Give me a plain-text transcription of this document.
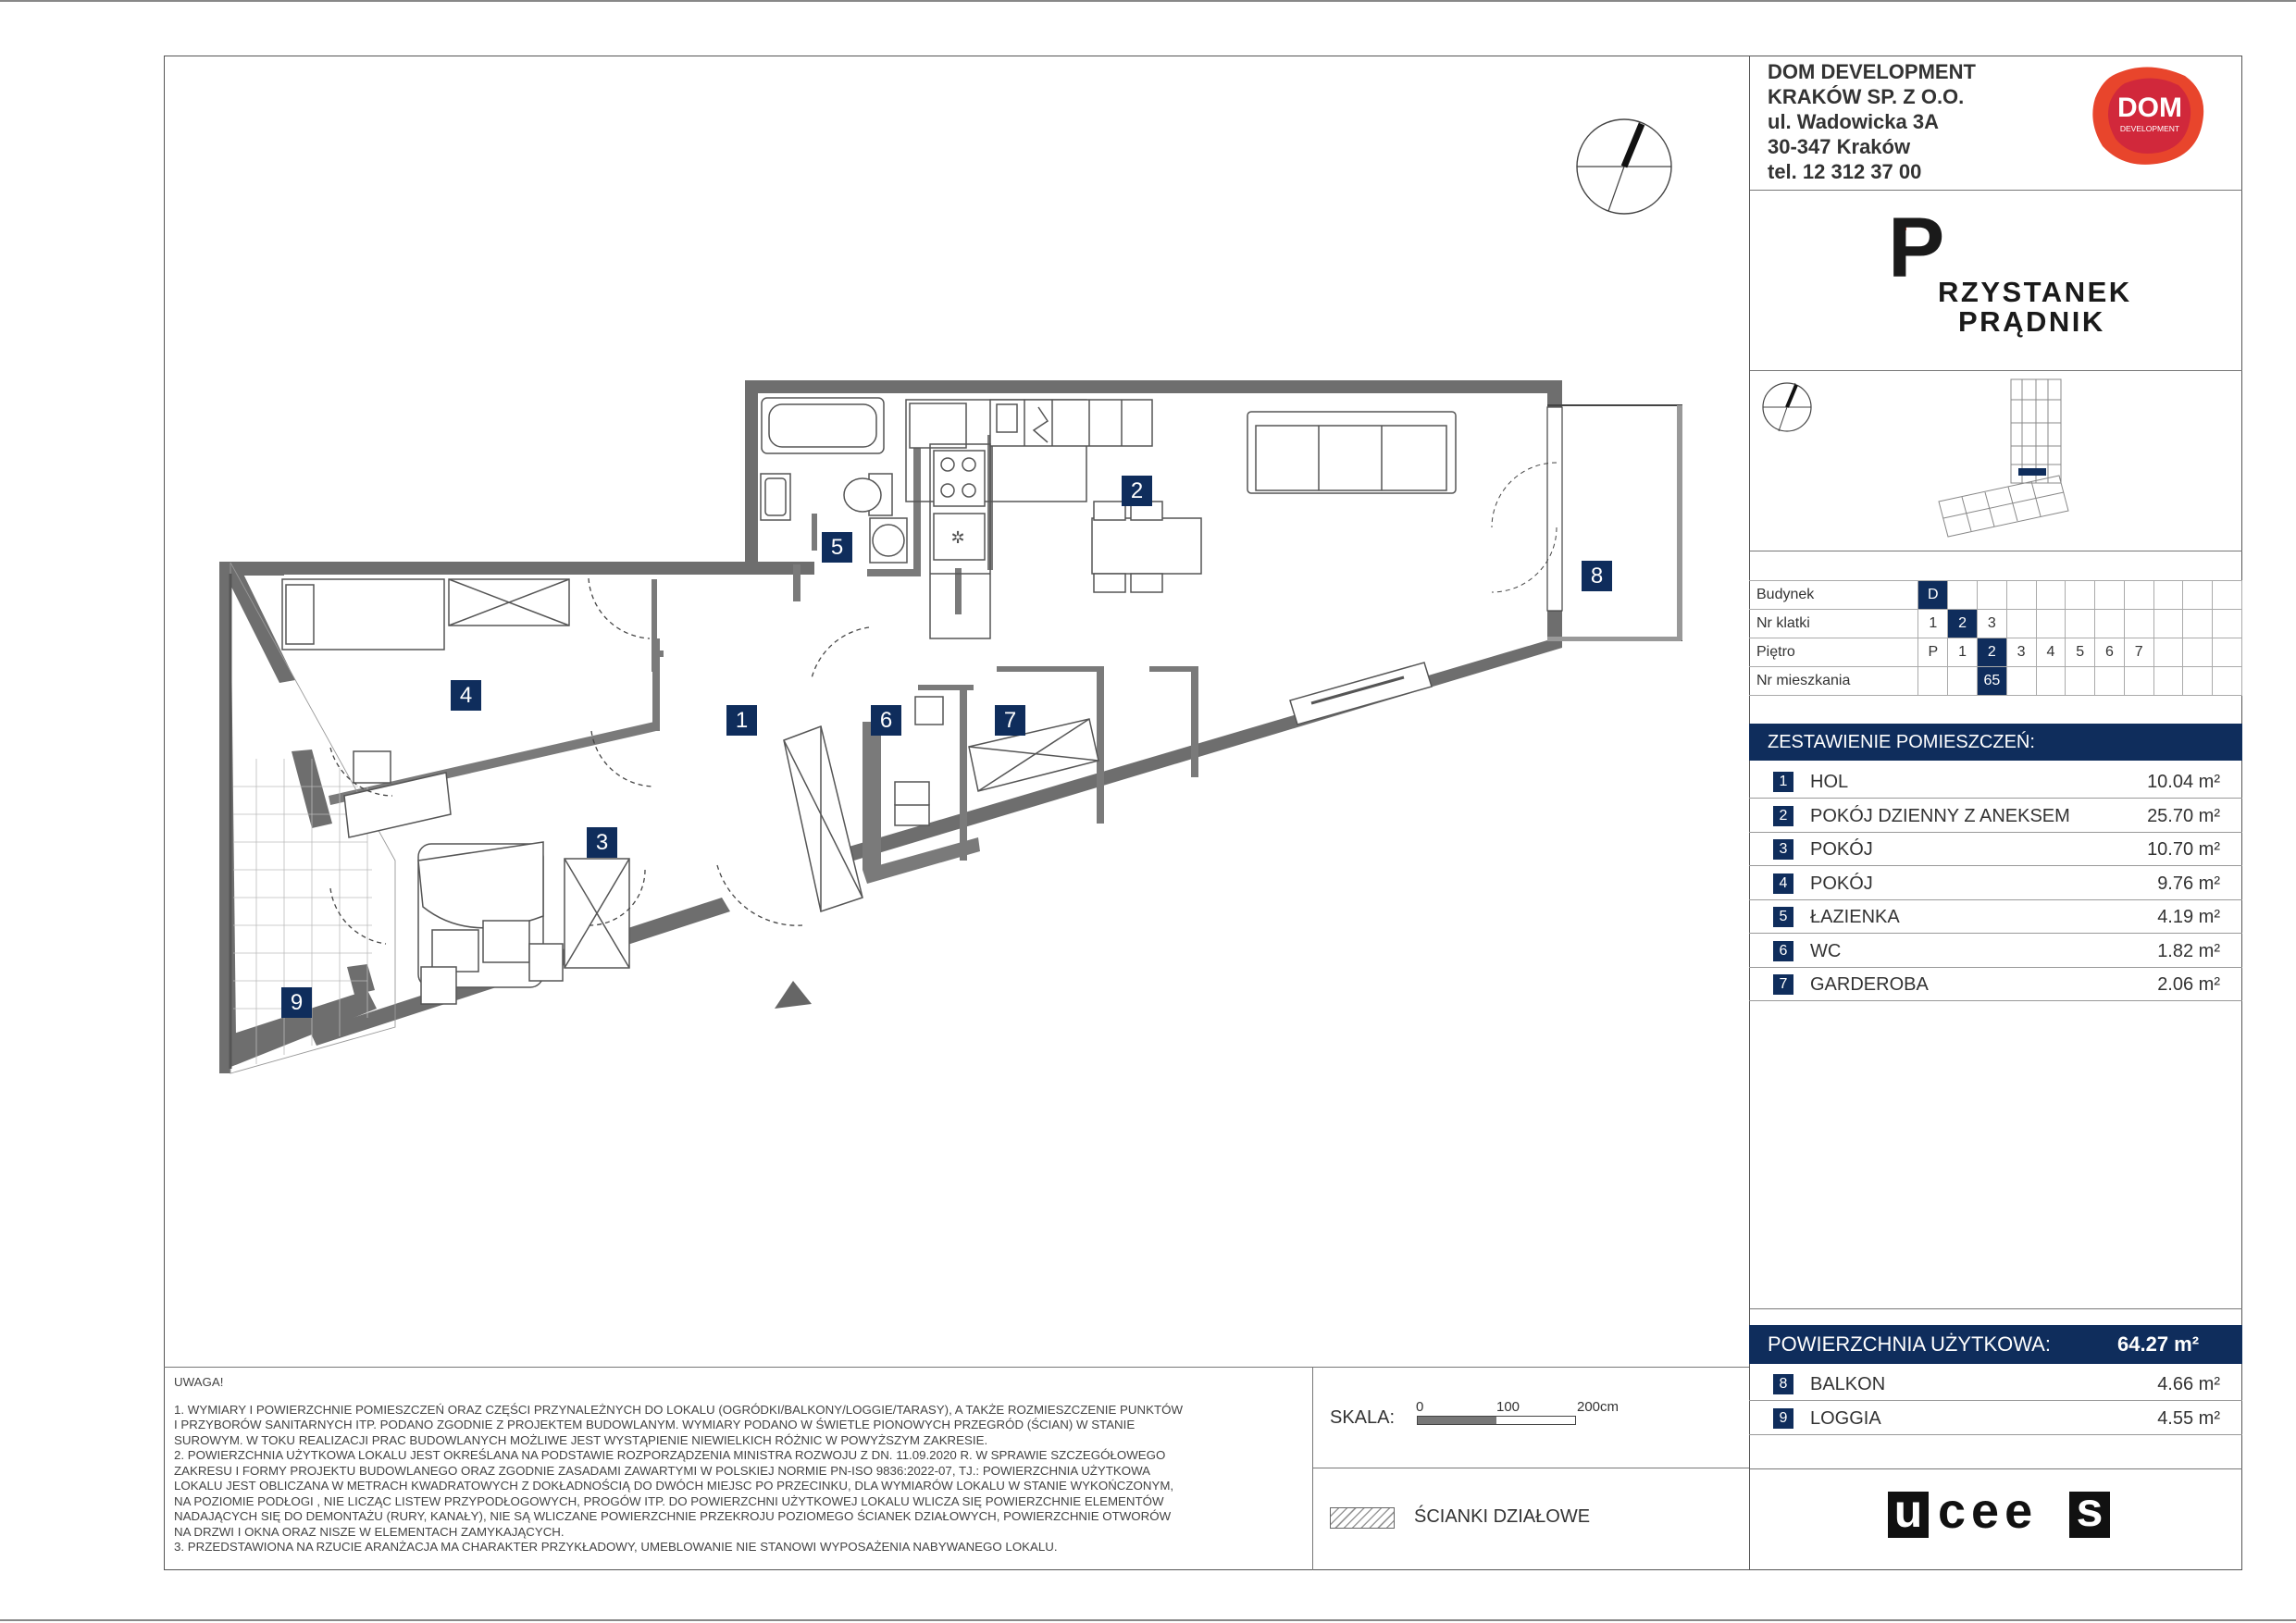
✲
1
2
3
4
5
6	7
8
9

UWAGA!

1. WYMIARY I POWIERZCHNIE POMIESZCZEŃ ORAZ CZĘŚCI PRZYNALEŻNYCH DO LOKALU (OGRÓDKI/BALKONY/LOGGIE/TARASY), A TAKŻE ROZMIESZCZENIE PUNKTÓW

I PRZYBORÓW SANITARNYCH ITP. PODANO ZGODNIE Z PROJEKTEM BUDOWLANYM. WYMIARY PODANO W ŚWIETLE PIONOWYCH PRZEGRÓD (ŚCIAN) W STANIE

SUROWYM. W TOKU REALIZACJI PRAC BUDOWLANYCH MOŻLIWE JEST WYSTĄPIENIE NIEWIELKICH RÓŻNIC W POWYŻSZYM ZAKRESIE.

2. POWIERZCHNIA UŻYTKOWA LOKALU JEST OKREŚLANA NA PODSTAWIE ROZPORZĄDZENIA MINISTRA ROZWOJU Z DN. 11.09.2020 R. W SPRAWIE SZCZEGÓŁOWEGO

ZAKRESU I FORMY PROJEKTU BUDOWLANEGO ORAZ ZGODNIE ZASADAMI ZAWARTYMI W POLSKIEJ NORMIE PN-ISO 9836:2022-07, TJ.: POWIERZCHNIA UŻYTKOWA

LOKALU JEST OBLICZANA W METRACH KWADRATOWYCH Z DOKŁADNOŚCIĄ DO DWÓCH MIEJSC PO PRZECINKU, DLA WYMIARÓW LOKALU W STANIE WYKOŃCZONYM,

NA POZIOMIE PODŁOGI , NIE LICZĄC LISTEW PRZYPODŁOGOWYCH, PROGÓW ITP. DO POWIERZCHNI UŻYTKOWEJ LOKALU WLICZA SIĘ POWIERZCHNIE ELEMENTÓW

NADAJĄCYCH SIĘ DO DEMONTAŻU (RURY, KANAŁY), NIE SĄ WLICZANE POWIERZCHNIE PRZEKROJU POZIOMEGO ŚCIANEK DZIAŁOWYCH, POWIERZCHNIE OTWORÓW

NA DRZWI I OKNA ORAZ NISZE W ELEMENTACH ZAMYKAJĄCYCH.

3. PRZEDSTAWIONA NA RZUCIE ARANŻACJA MA CHARAKTER PRZYKŁADOWY, UMEBLOWANIE NIE STANOWI WYPOSAŻENIA NABYWANEGO LOKALU.

SKALA:
0	100	200cm
ŚCIANKI DZIAŁOWE
DOM DEVELOPMENT
KRAKÓW SP. Z O.O.
ul. Wadowicka 3A
30-347 Kraków
tel. 12 312 37 00
DOM
DEVELOPMENT
P
RZYSTANEK
PRĄDNIK
Budynek	D										
Nr klatki	1	2	3								
Piętro	P	1	2	3	4	5	6	7			
Nr mieszkania			65								
ZESTAWIENIE POMIESZCZEŃ:
1	HOL	10.04 m²
2	POKÓJ DZIENNY Z ANEKSEM	25.70 m²
3	POKÓJ	10.70 m²
4	POKÓJ	9.76 m²
5	ŁAZIENKA	4.19 m²
6	WC	1.82 m²
7	GARDEROBA	2.06 m²
POWIERZCHNIA UŻYTKOWA:	64.27 m²
8	BALKON	4.66 m²
9	LOGGIA	4.55 m²
u cee s
